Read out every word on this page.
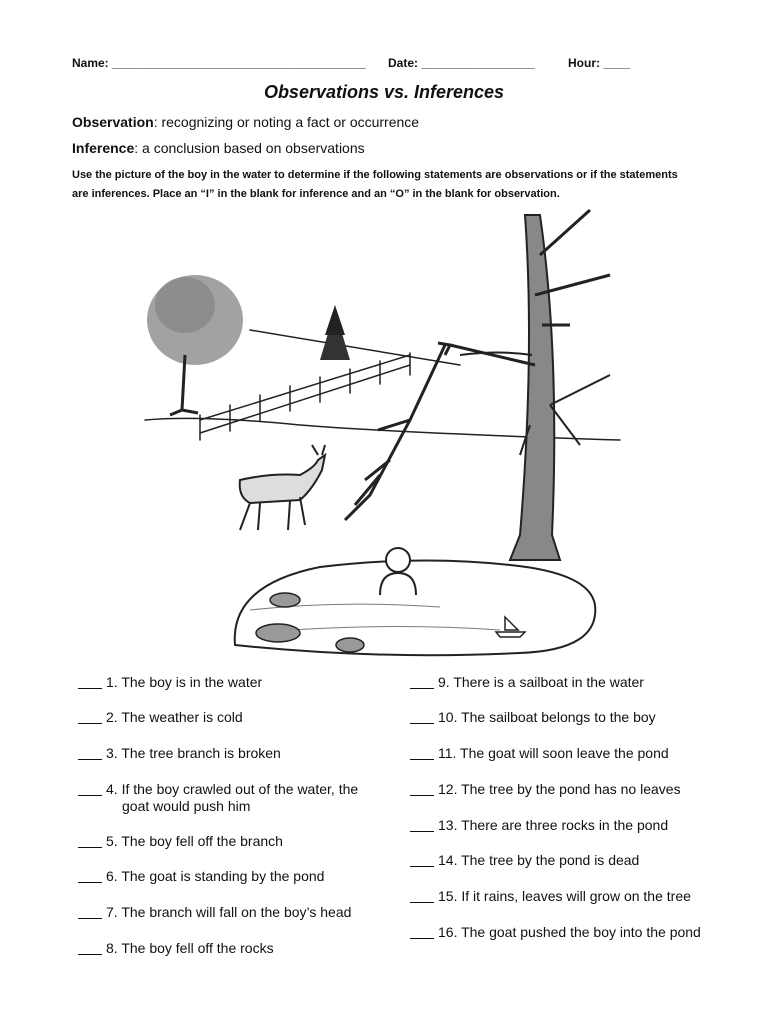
Name: ______________________________________ Date: _________________	Hour: ____
Observations vs. Inferences
Observation: recognizing or noting a fact or occurrence
Inference: a conclusion based on observations
Use the picture of the boy in the water to determine if the following statements are observations or if the statements are inferences. Place an “I” in the blank for inference and an “O” in the blank for observation.
1. The boy is in the water
2. The weather is cold
3. The tree branch is broken
4. If the boy crawled out of the water, the
goat would push him
5. The boy fell off the branch
6. The goat is standing by the pond
7. The branch will fall on the boy’s head
8. The boy fell off the rocks
9. There is a sailboat in the water
10. The sailboat belongs to the boy
11. The goat will soon leave the pond
12. The tree by the pond has no leaves
13. There are three rocks in the pond
14. The tree by the pond is dead
15. If it rains, leaves will grow on the tree
16. The goat pushed the boy into the pond
